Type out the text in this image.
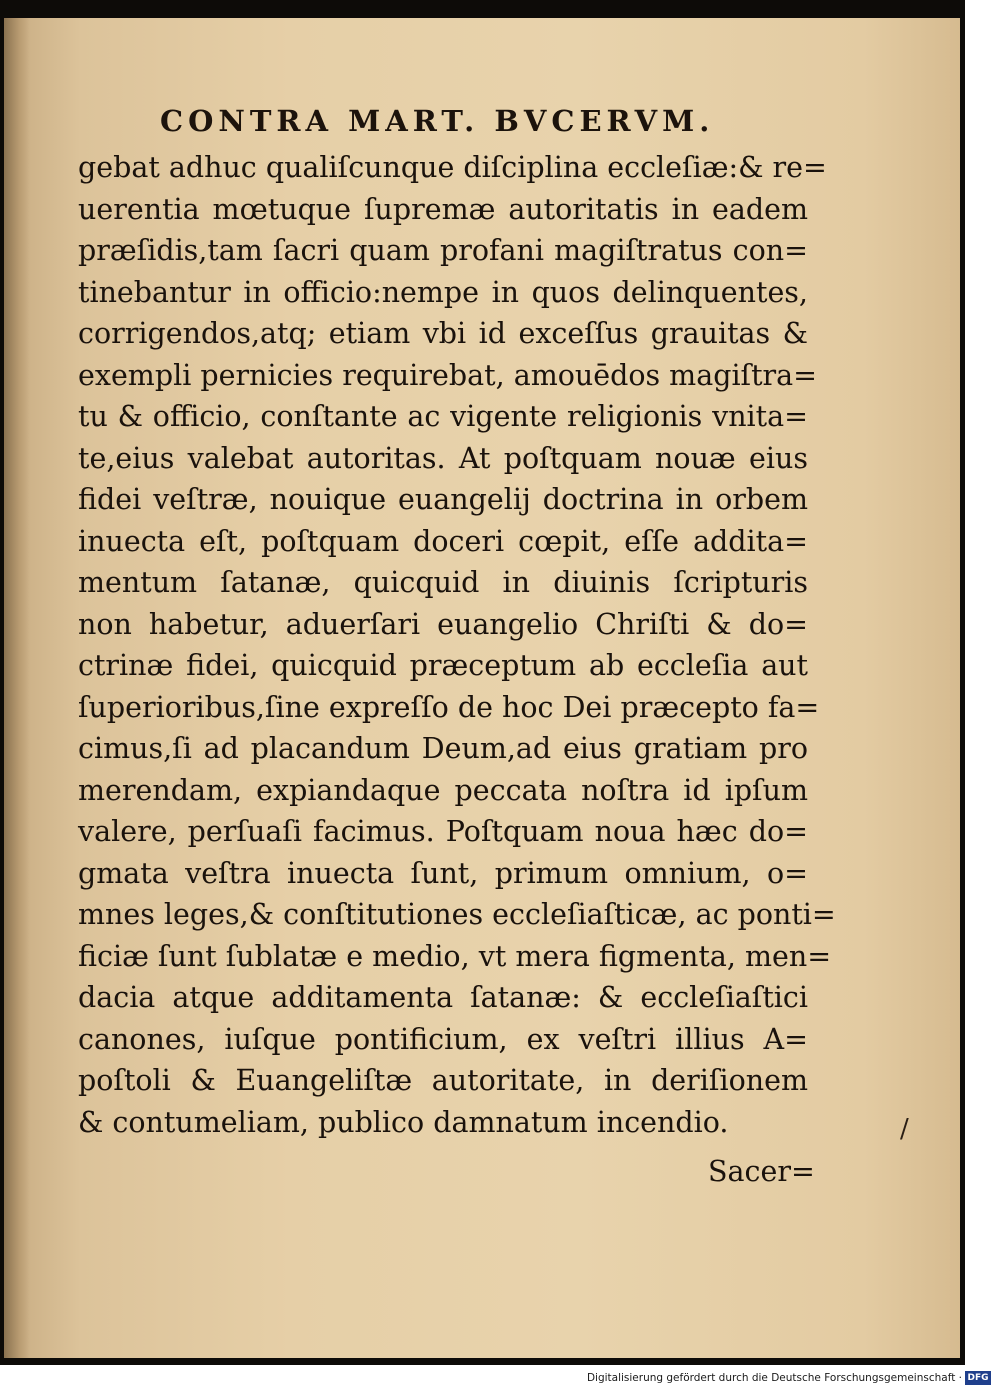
CONTRA MART. BVCERVM.
gebat adhuc qualiſcunque diſciplina eccleſiæ:& re=
uerentia mœtuque ſupremæ autoritatis in eadem
præſidis,tam ſacri quam profani magiſtratus con=
tinebantur in officio:nempe in quos delinquentes,
corrigendos,atq; etiam vbi id exceſſus grauitas &
exempli pernicies requirebat, amouēdos magiſtra=
tu & officio, conſtante ac vigente religionis vnita=
te,eius valebat autoritas. At poſtquam nouæ eius
fidei veſtræ, nouique euangelij doctrina in orbem
inuecta eſt, poſtquam doceri cœpit, eſſe addita=
mentum ſatanæ, quicquid in diuinis ſcripturis
non habetur, aduerſari euangelio Chriſti & do=
ctrinæ fidei, quicquid præceptum ab eccleſia aut
ſuperioribus,ſine expreſſo de hoc Dei præcepto fa=
cimus,ſi ad placandum Deum,ad eius gratiam pro
merendam, expiandaque peccata noſtra id ipſum
valere, perſuaſi facimus. Poſtquam noua hæc do=
gmata veſtra inuecta ſunt, primum omnium, o=
mnes leges,& conſtitutiones eccleſiaſticæ, ac ponti=
ficiæ ſunt ſublatæ e medio, vt mera figmenta, men=
dacia atque additamenta ſatanæ: & eccleſiaſtici
canones, iuſque pontificium, ex veſtri illius A=
poſtoli & Euangeliſtæ autoritate, in deriſionem
& contumeliam, publico damnatum incendio.	/
Sacer=
Digitalisierung gefördert durch die Deutsche Forschungsgemeinschaft · DFG
